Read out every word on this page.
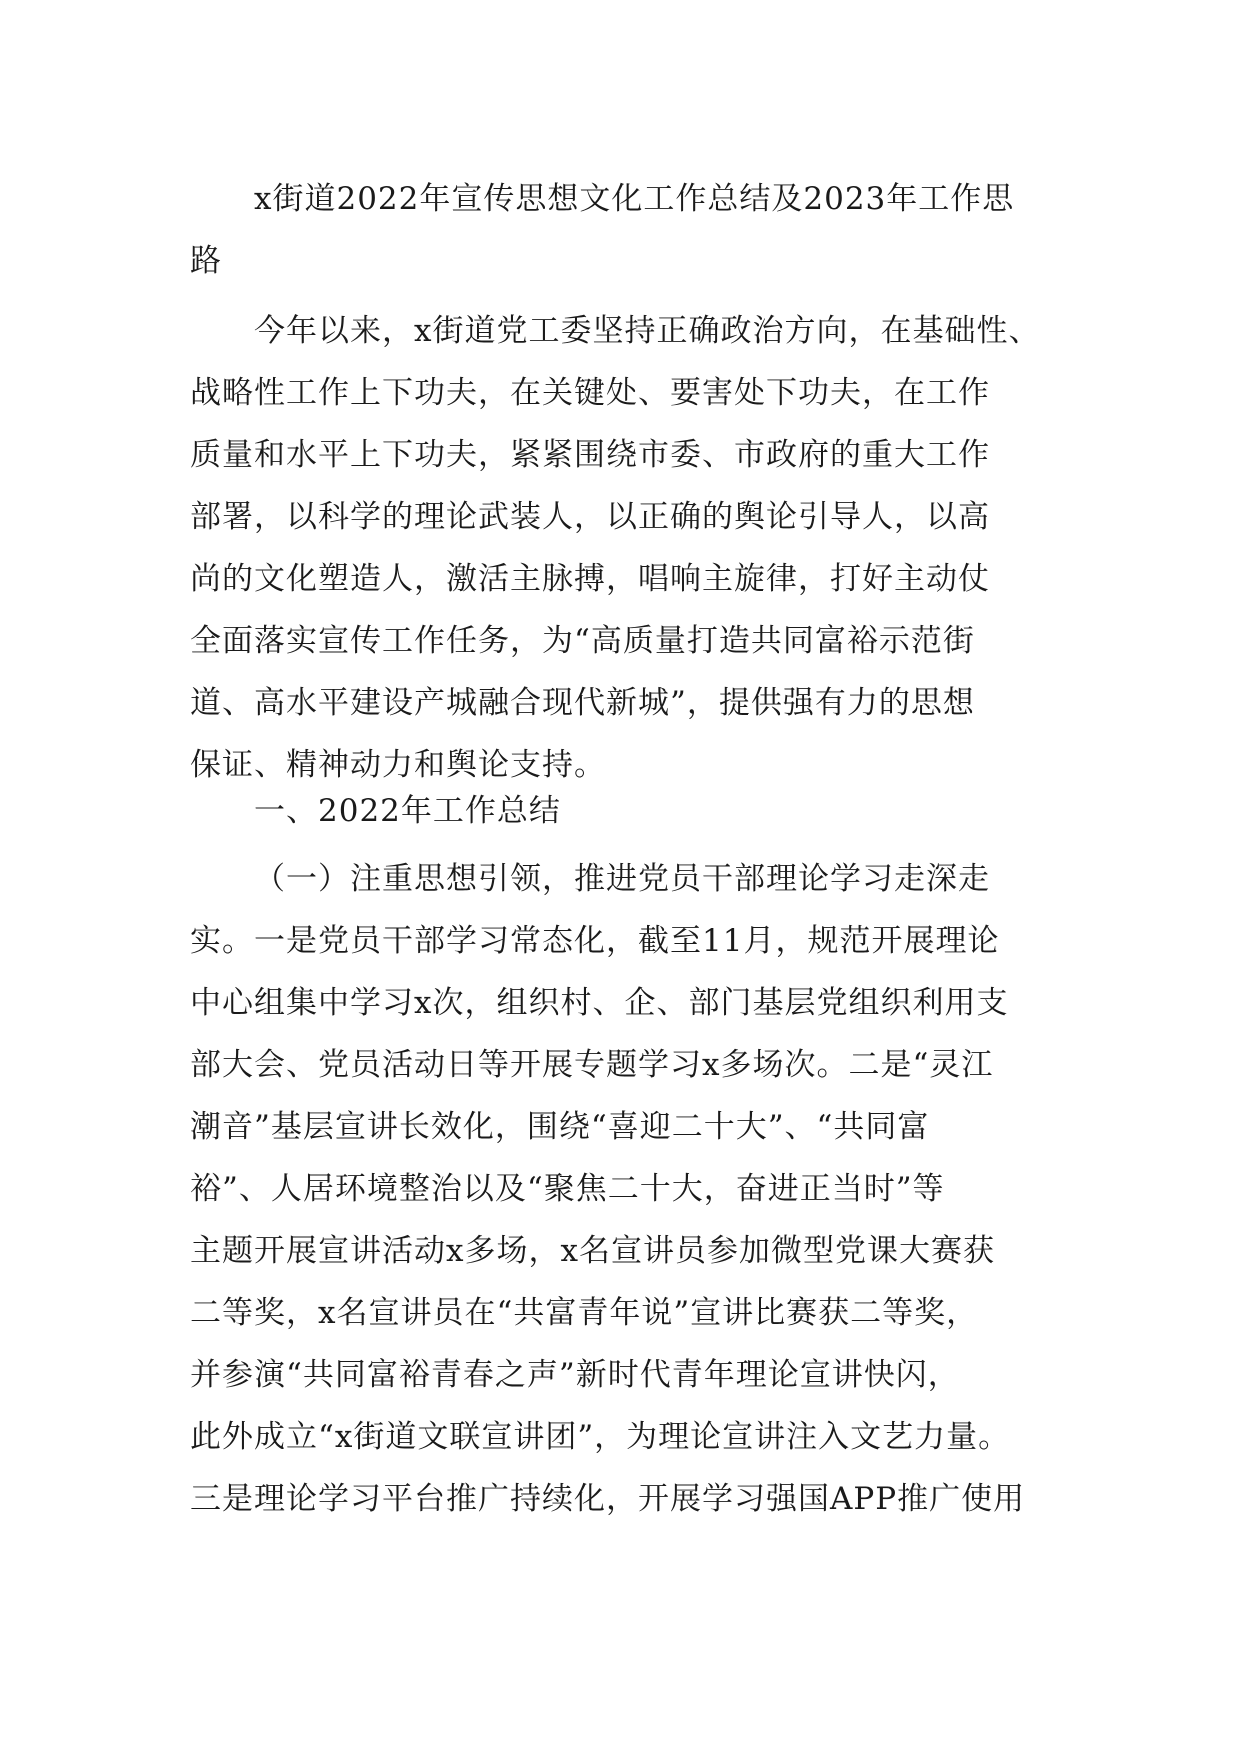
x街道2022年宣传思想文化工作总结及2023年工作思
路
今年以来，x街道党工委坚持正确政治方向，在基础性、
战略性工作上下功夫，在关键处、要害处下功夫，在工作
质量和水平上下功夫，紧紧围绕市委、市政府的重大工作
部署，以科学的理论武装人，以正确的舆论引导人，以高
尚的文化塑造人，激活主脉搏，唱响主旋律，打好主动仗
全面落实宣传工作任务，为“高质量打造共同富裕示范街
道、高水平建设产城融合现代新城”，提供强有力的思想
保证、精神动力和舆论支持。
一、2022年工作总结
（一）注重思想引领，推进党员干部理论学习走深走
实。一是党员干部学习常态化，截至11月，规范开展理论
中心组集中学习x次，组织村、企、部门基层党组织利用支
部大会、党员活动日等开展专题学习x多场次。二是“灵江
潮音”基层宣讲长效化，围绕“喜迎二十大”、“共同富
裕”、人居环境整治以及“聚焦二十大，奋进正当时”等
主题开展宣讲活动x多场，x名宣讲员参加微型党课大赛获
二等奖，x名宣讲员在“共富青年说”宣讲比赛获二等奖，
并参演“共同富裕青春之声”新时代青年理论宣讲快闪，
此外成立“x街道文联宣讲团”，为理论宣讲注入文艺力量。
三是理论学习平台推广持续化，开展学习强国APP推广使用
